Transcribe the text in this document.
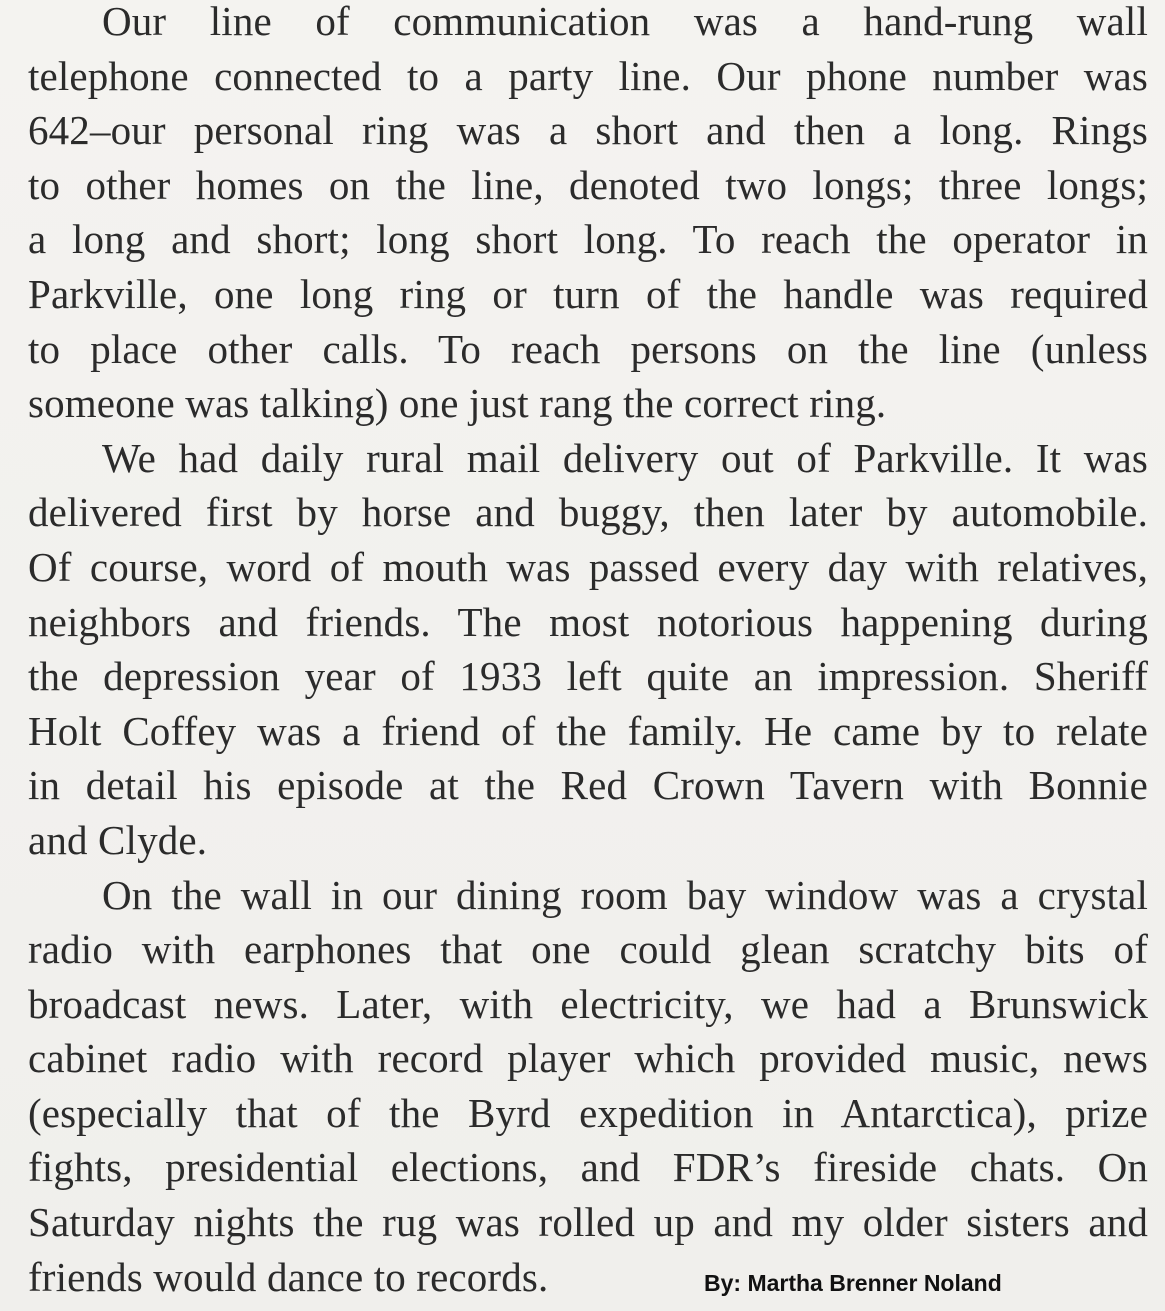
Our line of communication was a hand-rung wall
telephone connected to a party line. Our phone number was
642–our personal ring was a short and then a long. Rings
to other homes on the line, denoted two longs; three longs;
a long and short; long short long. To reach the operator in
Parkville, one long ring or turn of the handle was required
to place other calls. To reach persons on the line (unless
someone was talking) one just rang the correct ring.
We had daily rural mail delivery out of Parkville. It was
delivered first by horse and buggy, then later by automobile.
Of course, word of mouth was passed every day with relatives,
neighbors and friends. The most notorious happening during
the depression year of 1933 left quite an impression. Sheriff
Holt Coffey was a friend of the family. He came by to relate
in detail his episode at the Red Crown Tavern with Bonnie
and Clyde.
On the wall in our dining room bay window was a crystal
radio with earphones that one could glean scratchy bits of
broadcast news. Later, with electricity, we had a Brunswick
cabinet radio with record player which provided music, news
(especially that of the Byrd expedition in Antarctica), prize
fights, presidential elections, and FDR’s fireside chats. On
Saturday nights the rug was rolled up and my older sisters and
friends would dance to records.	By: Martha Brenner Noland
